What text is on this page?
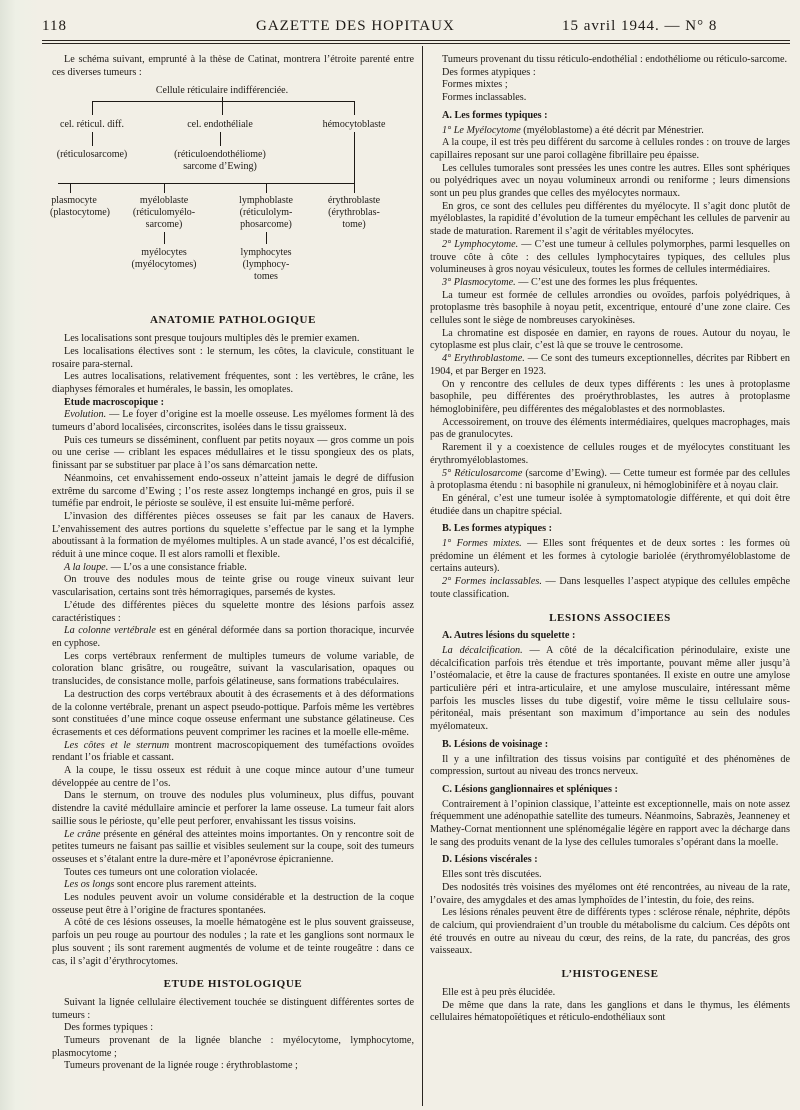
118	GAZETTE DES HOPITAUX	15 avril 1944. — N° 8

Le schéma suivant, emprunté à la thèse de Catinat, montrera l’étroite parenté entre ces diverses tumeurs :

Cellule réticulaire indifférenciée.
cel. réticul. diff.
(réticulosarcome)
cel. endothéliale
(réticuloendothéliome)
sarcome d’Ewing)
hémocytoblaste
plasmocyte
(plastocytome)
myéloblaste
(réticulomyélo-
sarcome)
lymphoblaste
(réticulolym-
phosarcome)
érythroblaste
(érythroblas-
tome)
myélocytes
(myélocytomes)
lymphocytes
(lymphocy-
tomes
ANATOMIE PATHOLOGIQUE

Les localisations sont presque toujours multiples dès le premier examen.

Les localisations électives sont : le sternum, les côtes, la clavicule, constituant le rosaire para-sternal.

Les autres localisations, relativement fréquentes, sont : les vertèbres, le crâne, les diaphyses fémorales et humérales, le bassin, les omoplates.

Etude macroscopique :

Evolution. — Le foyer d’origine est la moelle osseuse. Les myélomes forment là des tumeurs d’abord localisées, circonscrites, isolées dans le tissu graisseux.

Puis ces tumeurs se disséminent, confluent par petits noyaux — gros comme un pois ou une cerise — criblant les espaces médullaires et le tissu spongieux des os plats, finissant par se substituer par place à l’os sans démarcation nette.

Néanmoins, cet envahissement endo-osseux n’atteint jamais le degré de diffusion extrême du sarcome d’Ewing ; l’os reste assez longtemps inchangé en gros, puis il se tuméfie par endroit, le périoste se soulève, il est ensuite lui-même perforé.

L’invasion des différentes pièces osseuses se fait par les canaux de Havers. L’envahissement des autres portions du squelette s’effectue par le sang et la lymphe aboutissant à la formation de myélomes multiples. A un stade avancé, l’os est décalcifié, réduit à une mince coque. Il est alors ramolli et flexible.

A la loupe. — L’os a une consistance friable.

On trouve des nodules mous de teinte grise ou rouge vineux suivant leur vascularisation, certains sont très hémorragiques, parsemés de kystes.

L’étude des différentes pièces du squelette montre des lésions parfois assez caractéristiques :

La colonne vertébrale est en général déformée dans sa portion thoracique, incurvée en cyphose.

Les corps vertébraux renferment de multiples tumeurs de volume variable, de coloration blanc grisâtre, ou rougeâtre, suivant la vascularisation, opaques ou translucides, de consistance molle, parfois gélatineuse, sans formations trabéculaires.

La destruction des corps vertébraux aboutit à des écrasements et à des déformations de la colonne vertébrale, prenant un aspect pseudo-pottique. Parfois même les vertèbres sont constituées d’une mince coque osseuse enfermant une substance gélatineuse. Ces écrasements et ces déformations peuvent comprimer les racines et la moelle elle-même.

Les côtes et le sternum montrent macroscopiquement des tuméfactions ovoïdes rendant l’os friable et cassant.

A la coupe, le tissu osseux est réduit à une coque mince autour d’une tumeur développée au centre de l’os.

Dans le sternum, on trouve des nodules plus volumineux, plus diffus, pouvant distendre la cavité médullaire amincie et perforer la lame osseuse. La tumeur fait alors saillie sous le périoste, qu’elle peut perforer, envahissant les tissus voisins.

Le crâne présente en général des atteintes moins importantes. On y rencontre soit de petites tumeurs ne faisant pas saillie et visibles seulement sur la coupe, soit des tumeurs osseuses et s’étalant entre la dure-mère et l’aponévrose épicranienne.

Toutes ces tumeurs ont une coloration violacée.

Les os longs sont encore plus rarement atteints.

Les nodules peuvent avoir un volume considérable et la destruction de la coque osseuse peut être à l’origine de fractures spontanées.

A côté de ces lésions osseuses, la moelle hématogène est le plus souvent graisseuse, parfois un peu rouge au pourtour des nodules ; la rate et les ganglions sont normaux le plus souvent ; ils sont rarement augmentés de volume et de teinte rougeâtre : dans ce cas, il s’agit d’érythrocytomes.

ETUDE HISTOLOGIQUE

Suivant la lignée cellulaire électivement touchée se distinguent différentes sortes de tumeurs :

Des formes typiques :

Tumeurs provenant de la lignée blanche : myélocytome, lymphocytome, plasmocytome ;

Tumeurs provenant de la lignée rouge : érythroblastome ;

Tumeurs provenant du tissu réticulo-endothélial : endothéliome ou réticulo-sarcome.

Des formes atypiques :

Formes mixtes ;

Formes inclassables.

A. Les formes typiques :

1° Le Myélocytome (myéloblastome) a été décrit par Ménestrier.

A la coupe, il est très peu différent du sarcome à cellules rondes : on trouve de larges capillaires reposant sur une paroi collagène fibrillaire peu épaisse.

Les cellules tumorales sont pressées les unes contre les autres. Elles sont sphériques ou polyédriques avec un noyau volumineux arrondi ou reniforme ; leurs dimensions sont un peu plus grandes que celles des myélocytes normaux.

En gros, ce sont des cellules peu différentes du myélocyte. Il s’agit donc plutôt de myéloblastes, la rapidité d’évolution de la tumeur empêchant les cellules de parvenir au stade de maturation. Rarement il s’agit de véritables myélocytes.

2° Lymphocytome. — C’est une tumeur à cellules polymorphes, parmi lesquelles on trouve côte à côte : des cellules lymphocytaires typiques, des cellules plus volumineuses à gros noyau vésiculeux, toutes les formes de cellules intermédiaires.

3° Plasmocytome. — C’est une des formes les plus fréquentes.

La tumeur est formée de cellules arrondies ou ovoïdes, parfois polyédriques, à protoplasme très basophile à noyau petit, excentrique, entouré d’une zone claire. Ces cellules sont le siège de nombreuses caryokinèses.

La chromatine est disposée en damier, en rayons de roues. Autour du noyau, le cytoplasme est plus clair, c’est là que se trouve le centrosome.

4° Erythroblastome. — Ce sont des tumeurs exceptionnelles, décrites par Ribbert en 1904, et par Berger en 1923.

On y rencontre des cellules de deux types différents : les unes à protoplasme basophile, peu différentes des proérythroblastes, les autres à protoplasme hémoglobinifère, peu différentes des mégaloblastes et des normoblastes.

Accessoirement, on trouve des éléments intermédiaires, quelques macrophages, mais pas de granulocytes.

Rarement il y a coexistence de cellules rouges et de myélocytes constituant les érythromyéloblastomes.

5° Réticulosarcome (sarcome d’Ewing). — Cette tumeur est formée par des cellules à protoplasma étendu : ni basophile ni granuleux, ni hémoglobinifère et à noyau clair.

En général, c’est une tumeur isolée à symptomatologie différente, et qui doit être étudiée dans un chapitre spécial.

B. Les formes atypiques :

1° Formes mixtes. — Elles sont fréquentes et de deux sortes : les formes où prédomine un élément et les formes à cytologie bariolée (érythromyéloblastome de certains auteurs).

2° Formes inclassables. — Dans lesquelles l’aspect atypique des cellules empêche toute classification.

LESIONS ASSOCIEES
A. Autres lésions du squelette :

La décalcification. — A côté de la décalcification périnodulaire, existe une décalcification parfois très étendue et très importante, pouvant même aller jusqu’à l’ostéomalacie, et être la cause de fractures spontanées. Il existe en outre une amylose particulière péri et intra-articulaire, et une amylose musculaire, intéressant même parfois les muscles lisses du tube digestif, voire même le tissu cellulaire sous-péritonéal, mais présentant son maximum d’importance au sein des nodules myélomateux.

B. Lésions de voisinage :

Il y a une infiltration des tissus voisins par contiguïté et des phénomènes de compression, surtout au niveau des troncs nerveux.

C. Lésions ganglionnaires et spléniques :

Contrairement à l’opinion classique, l’atteinte est exceptionnelle, mais on note assez fréquemment une adénopathie satellite des tumeurs. Néanmoins, Sabrazès, Jeanneney et Mathey-Cornat mentionnent une splénomégalie légère en rapport avec la décharge dans le sang des produits venant de la lyse des cellules tumorales s’opérant dans la moelle.

D. Lésions viscérales :

Elles sont très discutées.

Des nodosités très voisines des myélomes ont été rencontrées, au niveau de la rate, l’ovaire, des amygdales et des amas lymphoïdes de l’intestin, du foie, des reins.

Les lésions rénales peuvent être de différents types : sclérose rénale, néphrite, dépôts de calcium, qui proviendraient d’un trouble du métabolisme du calcium. Ces dépôts ont été trouvés en outre au niveau du cœur, des reins, de la rate, du pancréas, des gros vaisseaux.

L’HISTOGENESE

Elle est à peu près élucidée.

De même que dans la rate, dans les ganglions et dans le thymus, les éléments cellulaires hématopoïétiques et réticulo-endothéliaux sont
